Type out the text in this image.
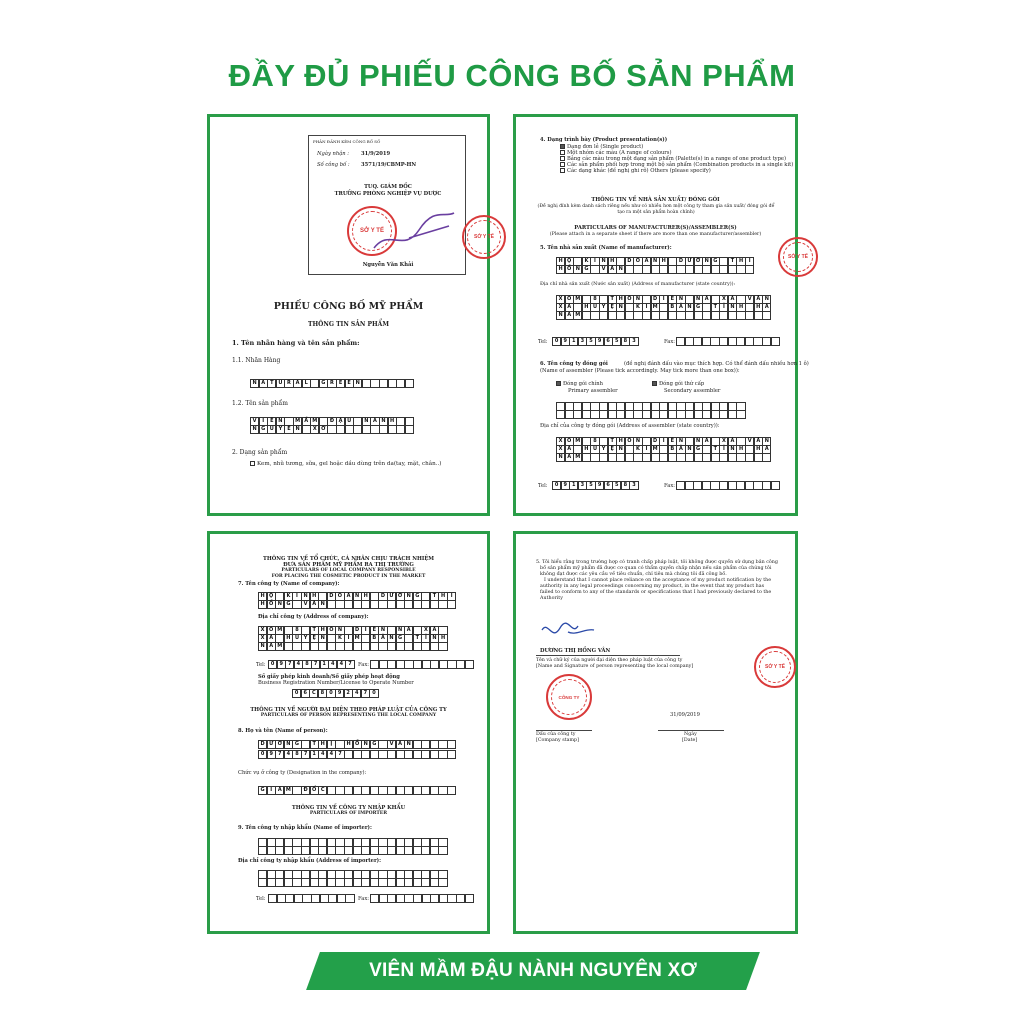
ĐẦY ĐỦ PHIẾU CÔNG BỐ SẢN PHẨM
PHÂN ĐẤNH KÈM CÔNG BỐ SỐ
Ngày nhận : 31/9/2019
Số công bố : 3571/19/CBMP-HN
TUQ. GIÁM ĐỐC
TRƯỞNG PHÒNG NGHIỆP VỤ DƯỢC
SỞ Y TẾ
Nguyễn Văn Khải
SỞ Y TẾ
PHIẾU CÔNG BỐ MỸ PHẨM
THÔNG TIN SẢN PHẨM
1. Tên nhãn hàng và tên sản phẩm:
1.1. Nhãn Hàng
N A T U R A	L	G R E	E N
1.2. Tên sản phẩm
V	I	Ê N	M Ầ M	Đ Ậ U	N À N H
N G U Y	Ê N	X Ơ
2. Dạng sản phẩm
Kem, nhũ tương, sữa, gel hoặc dầu dùng trên da(tay, mặt, chân..)
4. Dạng trình bày (Product presentation(s))
Dạng đơn lẻ (Single product)
Một nhóm các màu (A range of colours)
Bảng các màu trong một dạng sản phẩm (Palette(s) in a range of one product type)
Các sản phẩm phối hợp trong một bộ sản phẩm (Combination products in a single kit)
Các dạng khác (đề nghị ghi rõ) Others (please specify)
THÔNG TIN VỀ NHÀ SẢN XUẤT/ ĐÓNG GÓI
(Đề nghị đính kèm danh sách riêng nếu như có nhiều hơn một công ty tham gia sản xuất/ đóng gói để tạo ra một sản phẩm hoàn chỉnh)
PARTICULARS OF MANUFACTURER(S)/ASSEMBLER(S)
(Please attach in a separate sheet if there are more than one manufacturer/assembler)
5. Tên nhà sản xuất (Name of manufacturer):
H Ộ	K	I	N H	D O A N H	D Ư Ơ N G	T H	I
H Ồ N G	V Â N
Địa chỉ nhà sản xuất (Nước sản xuất) (Address of manufacturer (state country)):
X Ó M	8	T H Ô N	D	I	Ê N	N Á	X Á	V Ă N
X Á	H U Y	Ệ N	K	I	M	B Ả N G	T	Ỉ	N H	H À
N A M
Tel:	0	9	1	3	5	9	6	5	8	3	Fax:
6. Tên công ty đóng gói	(đề nghị đánh dấu vào mục thích hợp. Có thể đánh dấu nhiều hơn 1 ô)
(Name of assembler (Please tick accordingly. May tick more than one box)):
Đóng gói chính
Primary assembler
Đóng gói thứ cấp
Secondary assembler
Địa chỉ của công ty đóng gói (Address of assembler (state country)):
X Ó M	8	T H Ô N	D	I	Ê N	N Á	X Á	V Ă N
X Á	H U Y	Ệ N	K	I	M	B Ả N G	T	Ỉ	N H	H À
N A M
Tel:	0	9	1	3	5	9	6	5	8	3	Fax:
SỞ Y TẾ
THÔNG TIN VỀ TỔ CHỨC, CÁ NHÂN CHỊU TRÁCH NHIỆM
ĐƯA SẢN PHẨM MỸ PHẨM RA THỊ TRƯỜNG
PARTICULARS OF LOCAL COMPANY RESPONSIBLE
FOR PLACING THE COSMETIC PRODUCT IN THE MARKET
7. Tên công ty (Name of company):
H Ộ	K	I	N H	D O A N H	D Ư Ơ N G	T H	I
H Ồ N G	V Â N
Địa chỉ công ty (Address of company):
X Ó M	8	T H Ô N	D	I	Ê N	N Á	X Á
X Á	H U Y	Ệ N	K	I	M	B Ả N G	T	Ỉ	N H
N A M
Tel:	0	9	7	4	8	7	1	4	4	7	Fax:
Số giấy phép kinh doanh/Số giấy phép hoạt động
Business Registration Number/License to Operate Number
0	6	C	8	0	9	2	4	7	0
THÔNG TIN VỀ NGƯỜI ĐẠI DIỆN THEO PHÁP LUẬT CỦA CÔNG TY
PARTICULARS OF PERSON REPRESENTING THE LOCAL COMPANY
8. Họ và tên (Name of person):
D Ư Ơ N G	T H	Ị	H Ồ N G	V Â N
0	9	7	4	8	7	1	4	4	7
Chức vụ ở công ty (Designation in the company):
G	I	Á M	Đ Ố C
THÔNG TIN VỀ CÔNG TY NHẬP KHẨU
PARTICULARS OF IMPORTER
9. Tên công ty nhập khẩu (Name of importer):
Địa chỉ công ty nhập khẩu (Address of importer):
Tel:	Fax:
5. Tôi hiểu rằng trong trường hợp có tranh chấp pháp luật, tôi không được quyền sử dụng bản công
bố sản phẩm mỹ phẩm đã được cơ quan có thẩm quyền chấp nhận nếu sản phẩm của chúng tôi
không đạt được các yêu cầu về tiêu chuẩn, chỉ tiêu mà chúng tôi đã công bố.
I understand that I cannot place reliance on the acceptance of my product notification by the
authority in any legal proceedings concerning my product, in the event that my product has
failed to conform to any of the standards or specifications that I had previously declared to the
Authority
DƯƠNG THỊ HỒNG VÂN
Tên và chữ ký của người đại diện theo pháp luật của công ty
[Name and Signature of person representing the local company]
CÔNG TY
SỞ Y TẾ
31/09/2019
Dấu của công ty
[Company stamp]
Ngày
[Date]
VIÊN MẦM ĐẬU NÀNH NGUYÊN XƠ
